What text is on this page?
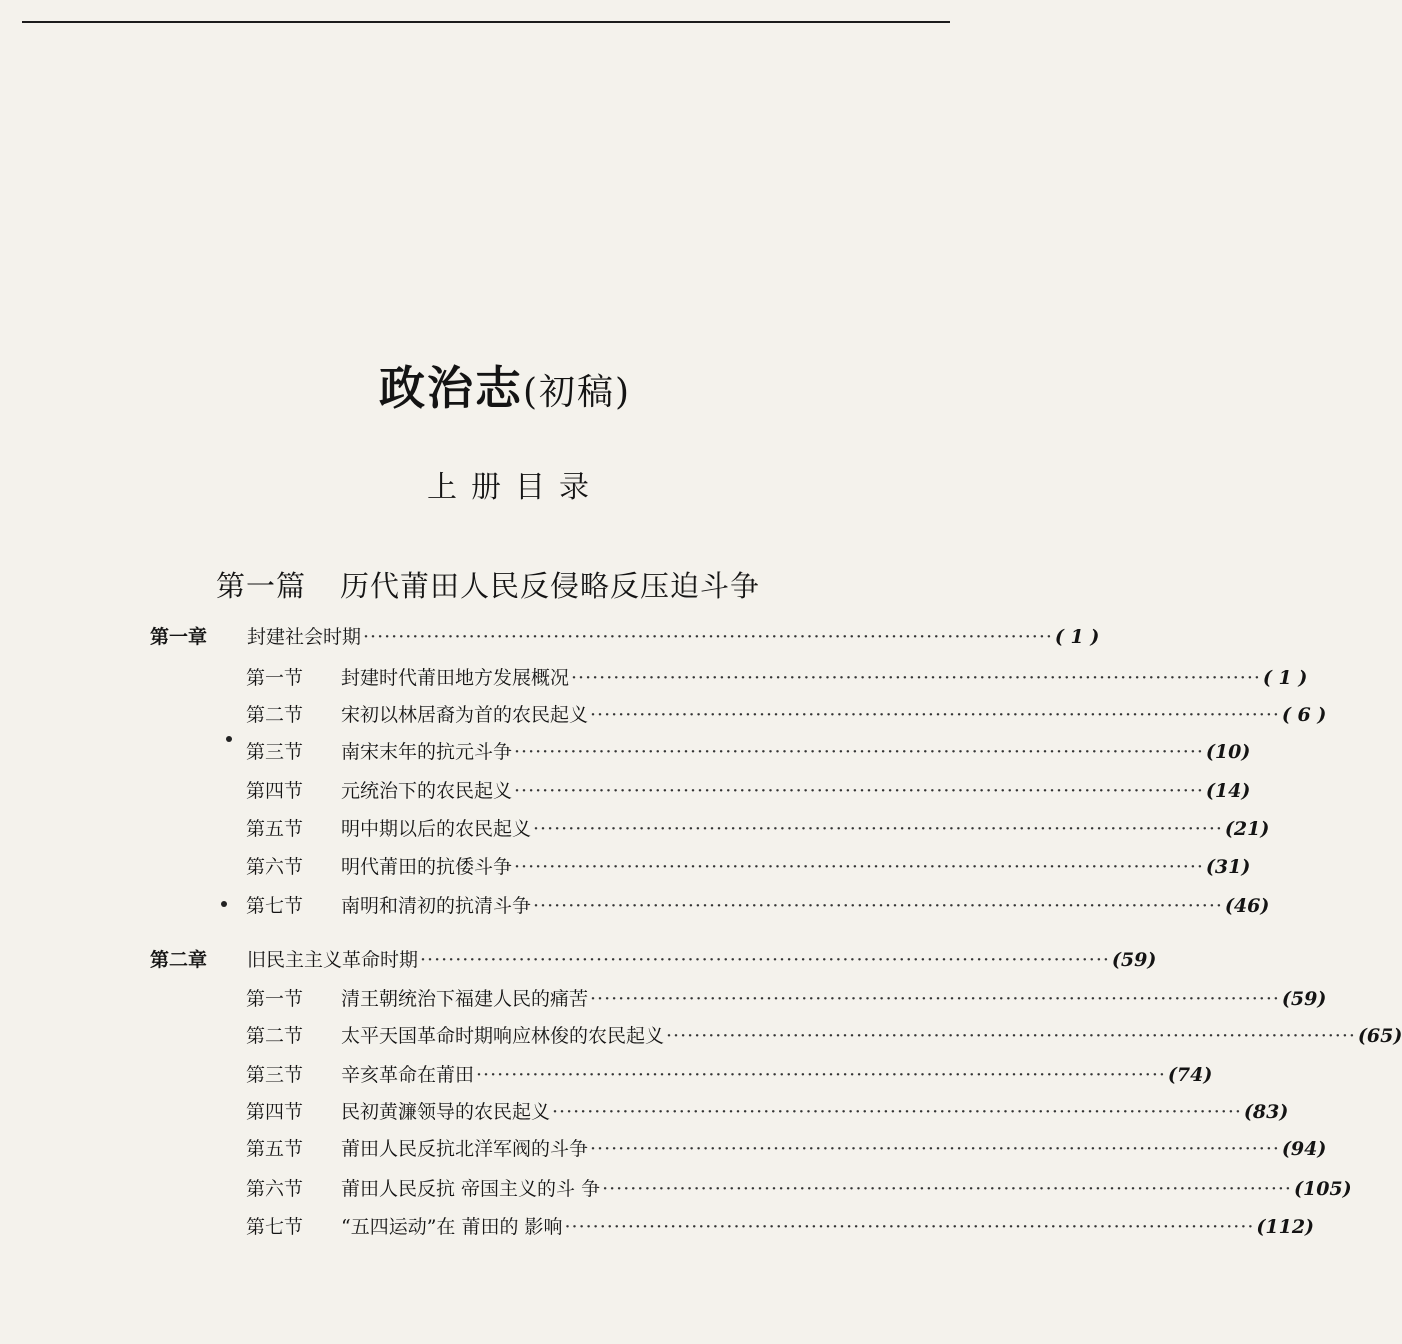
政治志(初稿)
上册目录
第一篇 历代莆田人民反侵略反压迫斗争
第一章 封建社会时期 ·································································································· ( 1 )
第一节 封建时代莆田地方发展概况 ·································································································· ( 1 )
第二节 宋初以林居裔为首的农民起义 ·································································································· ( 6 )
第三节 南宋末年的抗元斗争 ·································································································· (10)
第四节 元统治下的农民起义 ·································································································· (14)
第五节 明中期以后的农民起义 ·································································································· (21)
第六节 明代莆田的抗倭斗争 ·································································································· (31)
第七节 南明和清初的抗清斗争 ·································································································· (46)
第二章 旧民主主义革命时期 ·································································································· (59)
第一节 清王朝统治下福建人民的痛苦 ·································································································· (59)
第二节 太平天国革命时期响应林俊的农民起义 ·································································································· (65)
第三节 辛亥革命在莆田 ·································································································· (74)
第四节 民初黄濂领导的农民起义 ·································································································· (83)
第五节 莆田人民反抗北洋军阀的斗争 ·································································································· (94)
第六节 莆田人民反抗 帝国主义的斗 争 ·································································································· (105)
第七节 “五四运动”在 莆田的 影响 ·································································································· (112)
